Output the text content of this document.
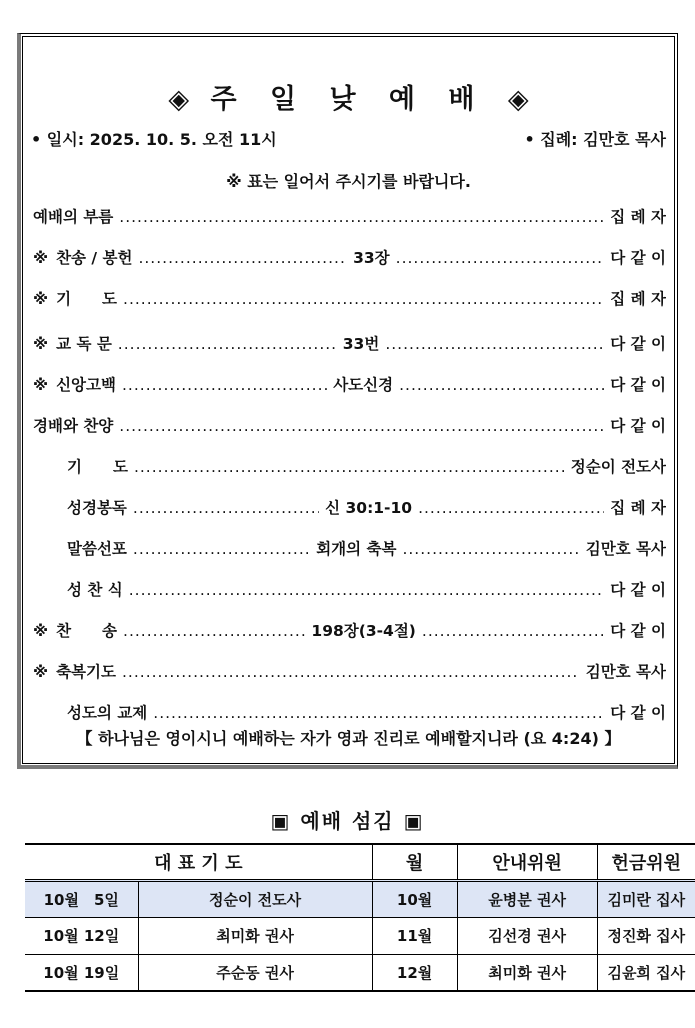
◈ 주 일 낮 예 배 ◈
• 일시: 2025. 10. 5. 오전 11시	• 집례: 김만호 목사
※ 표는 일어서 주시기를 바랍니다.
예배의 부름 .....	집 례 자
※ 찬송 / 봉헌 .....	33장 .....	다 같 이
※ 기　　도 .....	집 례 자
※ 교 독 문 .....	33번 .....	다 같 이
※ 신앙고백 .....	사도신경 .....	다 같 이
경배와 찬양 .....	다 같 이
기　　도 .....	정순이 전도사
성경봉독 .....	신 30:1-10 .....	집 례 자
말씀선포 .....	회개의 축복 .....	김만호 목사
성 찬 식 .....	다 같 이
※ 찬　　송 .....	198장(3-4절) .....	다 같 이
※ 축복기도 .....	김만호 목사
성도의 교제 .....	다 같 이
【 하나님은 영이시니 예배하는 자가 영과 진리로 예배할지니라 (요 4:24) 】
▣ 예배 섬김 ▣
대 표 기 도		월	안내위원	헌금위원
10월　5일	정순이 전도사	10월	윤병분 권사	김미란 집사
10월 12일	최미화 권사	11월	김선경 권사	정진화 집사
10월 19일	주순동 권사	12월	최미화 권사	김윤희 집사
